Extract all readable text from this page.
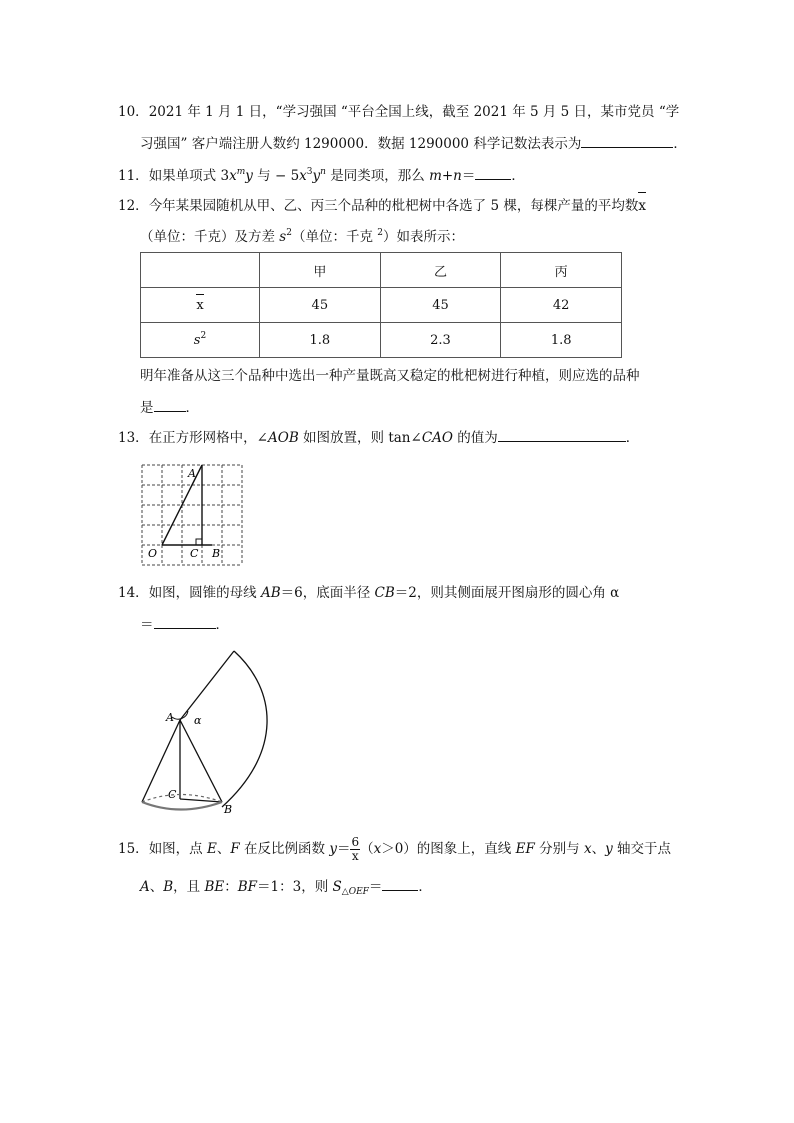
10．2021 年 1 月 1 日，“学习强国 “平台全国上线，截至 2021 年 5 月 5 日，某市党员 “学
习强国” 客户端注册人数约 1290000．数据 1290000 科学记数法表示为	．
11．如果单项式 $3x^my$ 与 − $5x^3y^n$ 是同类项，那么 m+n＝	．
12．今年某果园随机从甲、乙、丙三个品种的枇杷树中各选了 5 棵，每棵产量的平均数x
（单位：千克）及方差 $s^2$（单位：千克 $^2$）如表所示：
	甲	乙	丙
x	45	45	42
$s^2$	1.8	2.3	1.8
明年准备从这三个品种中选出一种产量既高又稳定的枇杷树进行种植，则应选的品种
是 ．
13．在正方形网格中，∠AOB 如图放置，则 tan∠CAO 的值为	．
A
O	C B
14．如图，圆锥的母线 AB＝6，底面半径 CB＝2，则其侧面展开图扇形的圆心角 α
＝	．
A α
C
B
15．如图，点 E、F 在反比例函数 $y= \frac{6}{x} (x>0)$的图象上，直线 EF 分别与 x、y 轴交于点
A、B，且 BE：BF＝1：3，则 $S_{\triangle OEF}=$	．
